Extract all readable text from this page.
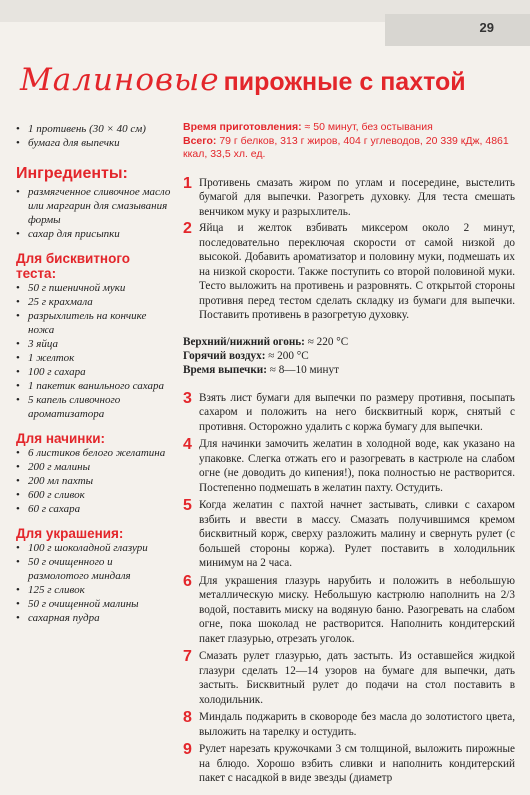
29
Малиновые пирожные с пахтой

• 1 противень (30 × 40 см)

• бумага для выпечки

Ингредиенты:

• размягченное сливочное масло или маргарин для смазывания формы

• сахар для присыпки

Для бисквитного теста:

• 50 г пшеничной муки

• 25 г крахмала

• разрыхлитель на кончике ножа

• 3 яйца

• 1 желток

• 100 г сахара

• 1 пакетик ванильного сахара

• 5 капель сливочного ароматизатора

Для начинки:

• 6 листиков белого желатина

• 200 г малины

• 200 мл пахты

• 600 г сливок

• 60 г сахара

Для украшения:

• 100 г шоколадной глазури

• 50 г очищенного и размолотого миндаля

• 125 г сливок

• 50 г очищенной малины

• сахарная пудра

Время приготовления: ≈ 50 минут, без остывания
Всего: 79 г белков, 313 г жиров, 404 г углеводов, 20 339 кДж, 4861 ккал, 33,5 хл. ед.

1 Противень смазать жиром по углам и посередине, выстелить бумагой для выпечки. Разогреть духовку. Для теста смешать венчиком муку и разрыхлитель.
2 Яйца и желток взбивать миксером около 2 минут, последовательно переключая скорости от самой низкой до высокой. Добавить ароматизатор и половину муки, подмешать их на низкой скорости. Также поступить со второй половиной муки. Тесто выложить на противень и разровнять. С открытой стороны противня перед тестом сделать складку из бумаги для выпечки. Поставить противень в разогретую духовку.

Верхний/нижний огонь: ≈ 220 °C

Горячий воздух: ≈ 200 °C

Время выпечки: ≈ 8—10 минут

3 Взять лист бумаги для выпечки по размеру противня, посыпать сахаром и положить на него бисквитный корж, снятый с противня. Осторожно удалить с коржа бумагу для выпечки.
4 Для начинки замочить желатин в холодной воде, как указано на упаковке. Слегка отжать его и разогревать в кастрюле на слабом огне (не доводить до кипения!), пока полностью не растворится. Постепенно подмешать в желатин пахту. Остудить.
5 Когда желатин с пахтой начнет застывать, сливки с сахаром взбить и ввести в массу. Смазать получившимся кремом бисквитный корж, сверху разложить малину и свернуть рулет (с большей стороны коржа). Рулет поставить в холодильник минимум на 2 часа.
6 Для украшения глазурь нарубить и положить в небольшую металлическую миску. Небольшую кастрюлю наполнить на 2/3 водой, поставить миску на водяную баню. Разогревать на слабом огне, пока шоколад не растворится. Наполнить кондитерский пакет глазурью, отрезать уголок.
7 Смазать рулет глазурью, дать застыть. Из оставшейся жидкой глазури сделать 12—14 узоров на бумаге для выпечки, дать застыть. Бисквитный рулет до подачи на стол поставить в холодильник.
8 Миндаль поджарить в сковороде без масла до золотистого цвета, выложить на тарелку и остудить.
9 Рулет нарезать кружочками 3 см толщиной, выложить пирожные на блюдо. Хорошо взбить сливки и наполнить кондитерский пакет с насадкой в виде звезды (диаметр
